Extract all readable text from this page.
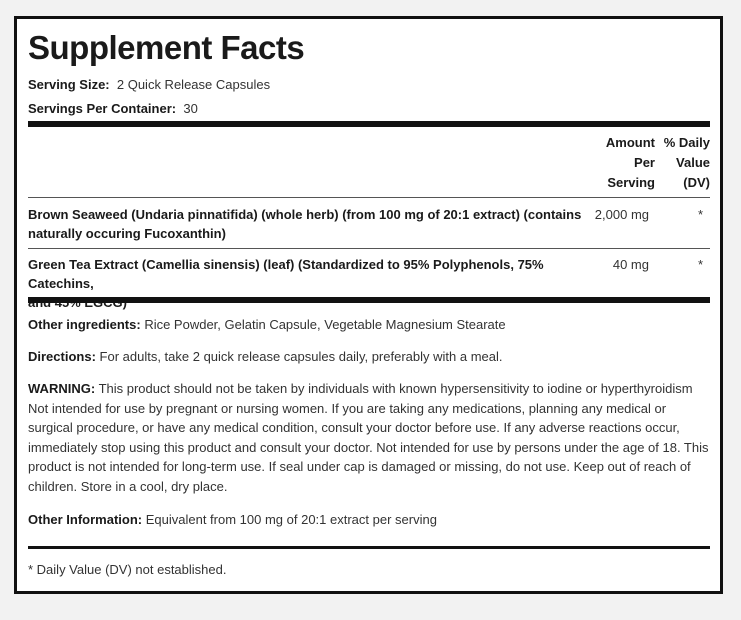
Supplement Facts
Serving Size: 2 Quick Release Capsules
Servings Per Container: 30
Amount
Per
Serving
% Daily
Value
(DV)
Brown Seaweed (Undaria pinnatifida) (whole herb) (from 100 mg of 20:1 extract) (contains
naturally occuring Fucoxanthin)
2,000 mg	*
Green Tea Extract (Camellia sinensis) (leaf) (Standardized to 95% Polyphenols, 75% Catechins,
40 mg	*
Other ingredients: Rice Powder, Gelatin Capsule, Vegetable Magnesium Stearate
Directions: For adults, take 2 quick release capsules daily, preferably with a meal.
WARNING: This product should not be taken by individuals with known hypersensitivity to iodine or hyperthyroidism
Not intended for use by pregnant or nursing women. If you are taking any medications, planning any medical or
surgical procedure, or have any medical condition, consult your doctor before use. If any adverse reactions occur,
immediately stop using this product and consult your doctor. Not intended for use by persons under the age of 18. This
product is not intended for long-term use. If seal under cap is damaged or missing, do not use. Keep out of reach of
children. Store in a cool, dry place.
Other Information: Equivalent from 100 mg of 20:1 extract per serving
* Daily Value (DV) not established.
